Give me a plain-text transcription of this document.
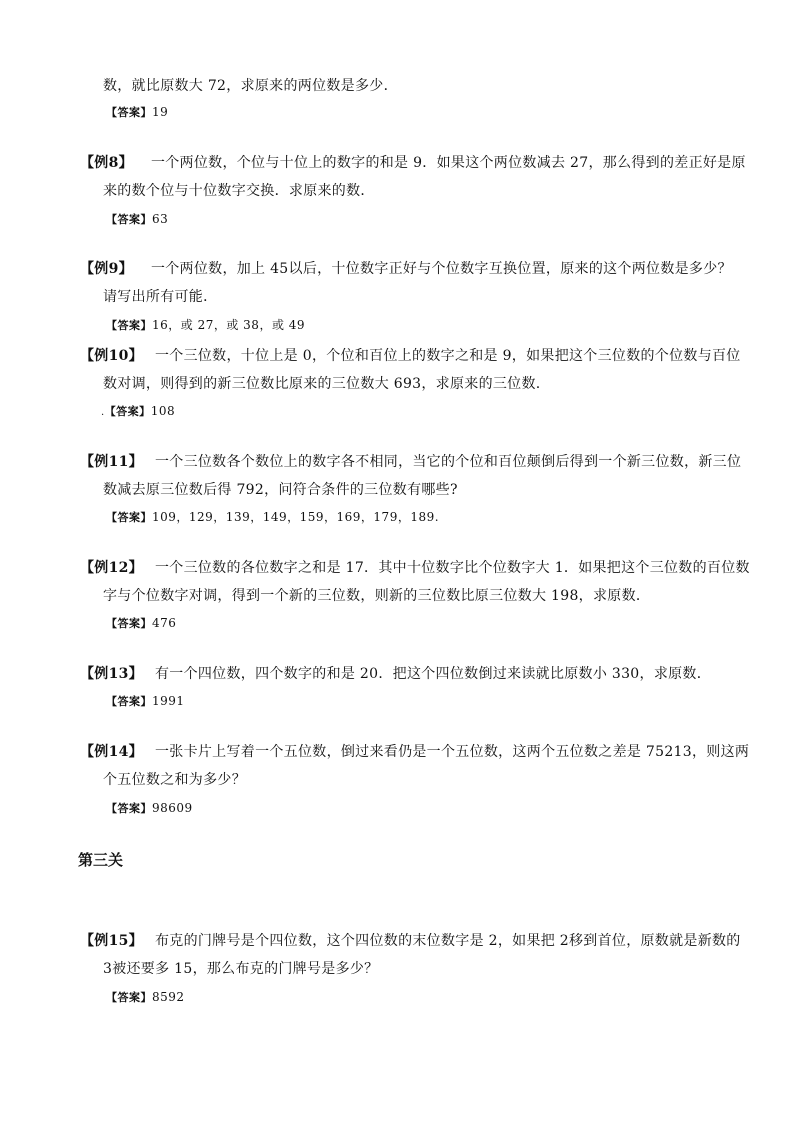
数，就比原数大 72，求原来的两位数是多少．
【答案】19
【例8】 一个两位数，个位与十位上的数字的和是 9．如果这个两位数减去 27，那么得到的差正好是原
来的数个位与十位数字交换．求原来的数．
【答案】63
【例9】 一个两位数，加上 45以后，十位数字正好与个位数字互换位置，原来的这个两位数是多少？
请写出所有可能．
【答案】16，或 27，或 38，或 49
【例10】 一个三位数，十位上是 0，个位和百位上的数字之和是 9，如果把这个三位数的个位数与百位
数对调，则得到的新三位数比原来的三位数大 693，求原来的三位数.
.【答案】108
【例11】 一个三位数各个数位上的数字各不相同，当它的个位和百位颠倒后得到一个新三位数，新三位
数减去原三位数后得 792，问符合条件的三位数有哪些?
【答案】109，129，139，149，159，169，179，189.
【例12】 一个三位数的各位数字之和是 17．其中十位数字比个位数字大 1．如果把这个三位数的百位数
字与个位数字对调，得到一个新的三位数，则新的三位数比原三位数大 198，求原数．
【答案】476
【例13】 有一个四位数，四个数字的和是 20．把这个四位数倒过来读就比原数小 330，求原数．
【答案】1991
【例14】 一张卡片上写着一个五位数，倒过来看仍是一个五位数，这两个五位数之差是 75213，则这两
个五位数之和为多少？
【答案】98609
第三关
【例15】 布克的门牌号是个四位数，这个四位数的末位数字是 2，如果把 2移到首位，原数就是新数的
3被还要多 15，那么布克的门牌号是多少？
【答案】8592
